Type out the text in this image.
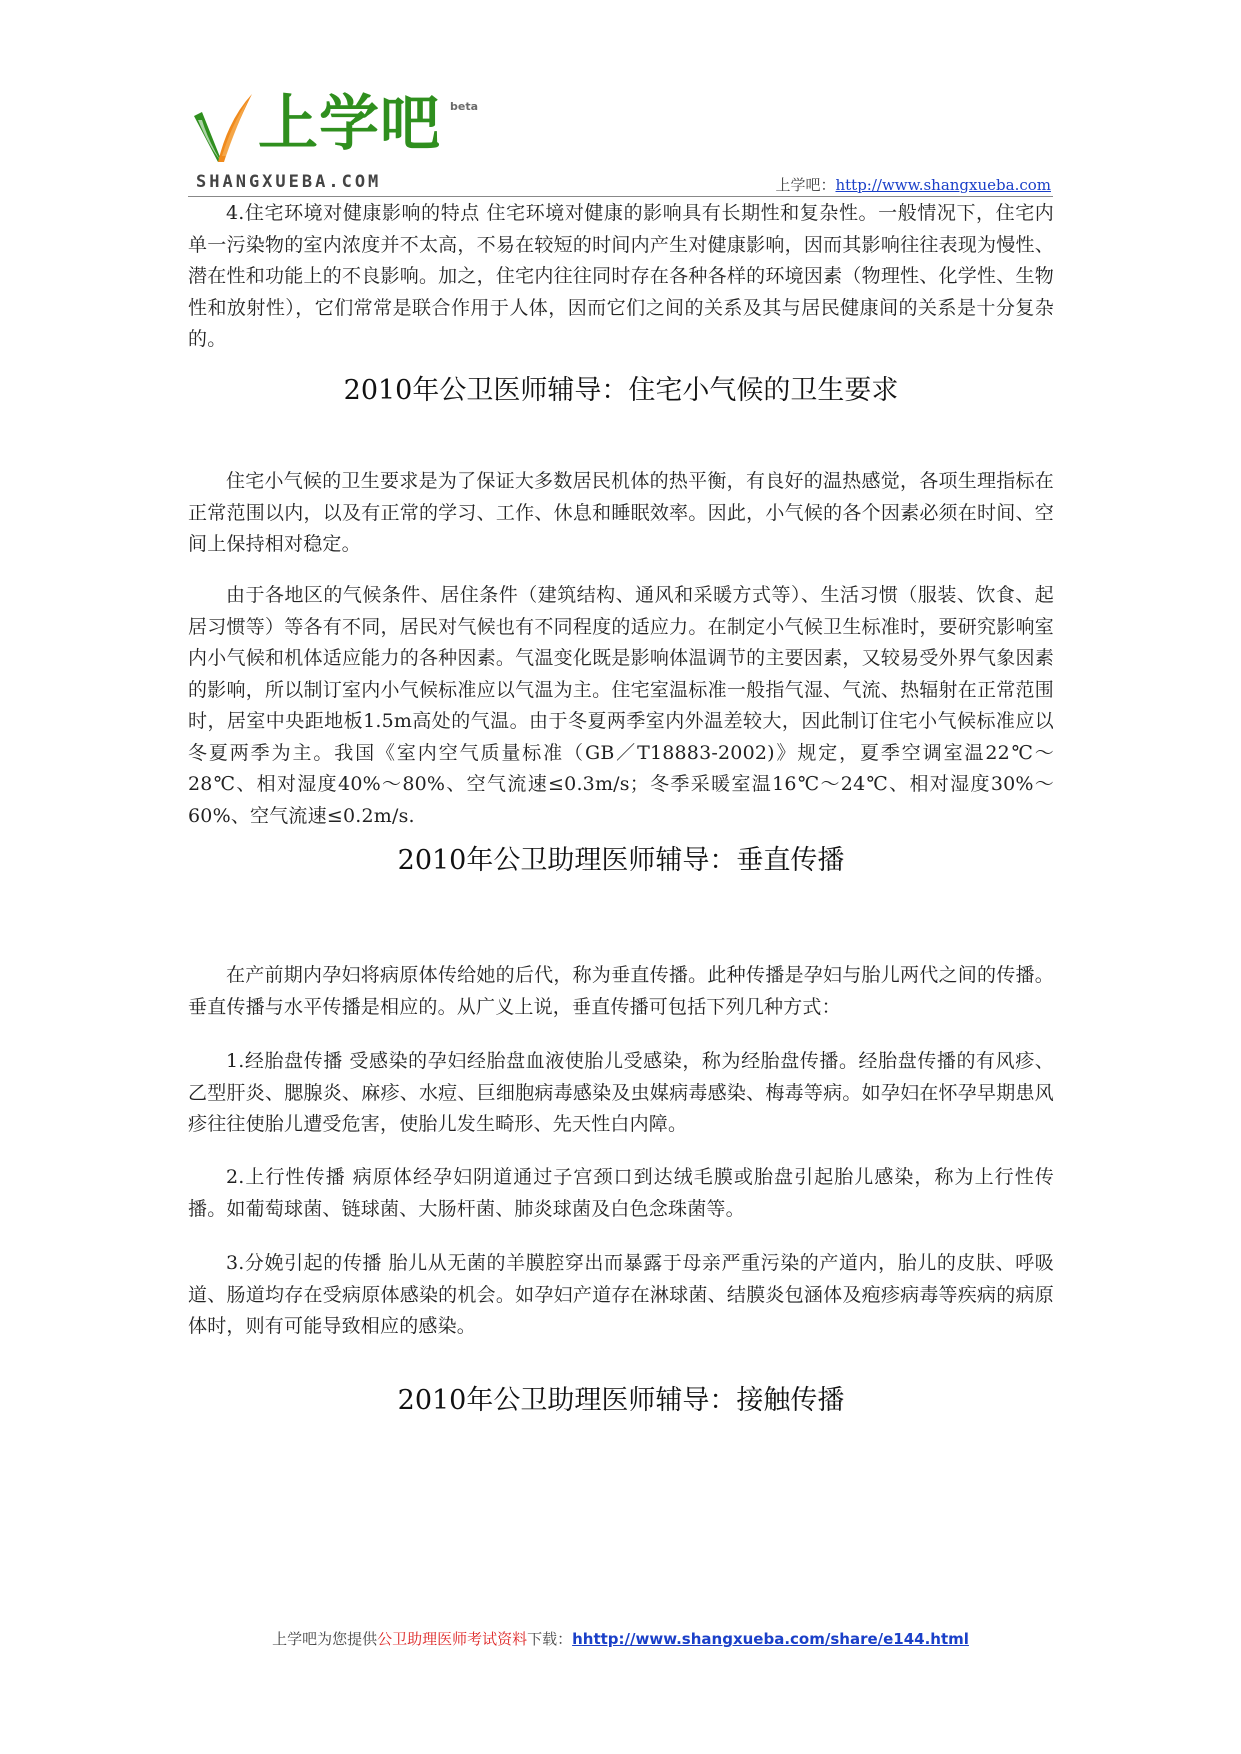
上学吧 beta
SHANGXUEBA.COM	上学吧：http://www.shangxueba.com

4.住宅环境对健康影响的特点 住宅环境对健康的影响具有长期性和复杂性。一般情况下，住宅内单一污染物的室内浓度并不太高，不易在较短的时间内产生对健康影响，因而其影响往往表现为慢性、潜在性和功能上的不良影响。加之，住宅内往往同时存在各种各样的环境因素（物理性、化学性、生物性和放射性），它们常常是联合作用于人体，因而它们之间的关系及其与居民健康间的关系是十分复杂的。

2010年公卫医师辅导：住宅小气候的卫生要求

住宅小气候的卫生要求是为了保证大多数居民机体的热平衡，有良好的温热感觉，各项生理指标在正常范围以内，以及有正常的学习、工作、休息和睡眠效率。因此，小气候的各个因素必须在时间、空间上保持相对稳定。

由于各地区的气候条件、居住条件（建筑结构、通风和采暖方式等）、生活习惯（服装、饮食、起居习惯等）等各有不同，居民对气候也有不同程度的适应力。在制定小气候卫生标准时，要研究影响室内小气候和机体适应能力的各种因素。气温变化既是影响体温调节的主要因素，又较易受外界气象因素的影响，所以制订室内小气候标准应以气温为主。住宅室温标准一般指气湿、气流、热辐射在正常范围时，居室中央距地板1.5m高处的气温。由于冬夏两季室内外温差较大，因此制订住宅小气候标准应以冬夏两季为主。我国《室内空气质量标准（GB／T18883-2002)》规定，夏季空调室温22℃～28℃、相对湿度40%～80%、空气流速≤0.3m/s；冬季采暖室温16℃～24℃、相对湿度30%～60%、空气流速≤0.2m/s.

2010年公卫助理医师辅导：垂直传播

在产前期内孕妇将病原体传给她的后代，称为垂直传播。此种传播是孕妇与胎儿两代之间的传播。垂直传播与水平传播是相应的。从广义上说，垂直传播可包括下列几种方式：

1.经胎盘传播 受感染的孕妇经胎盘血液使胎儿受感染，称为经胎盘传播。经胎盘传播的有风疹、乙型肝炎、腮腺炎、麻疹、水痘、巨细胞病毒感染及虫媒病毒感染、梅毒等病。如孕妇在怀孕早期患风疹往往使胎儿遭受危害，使胎儿发生畸形、先天性白内障。

2.上行性传播 病原体经孕妇阴道通过子宫颈口到达绒毛膜或胎盘引起胎儿感染，称为上行性传播。如葡萄球菌、链球菌、大肠杆菌、肺炎球菌及白色念珠菌等。

3.分娩引起的传播 胎儿从无菌的羊膜腔穿出而暴露于母亲严重污染的产道内，胎儿的皮肤、呼吸道、肠道均存在受病原体感染的机会。如孕妇产道存在淋球菌、结膜炎包涵体及疱疹病毒等疾病的病原体时，则有可能导致相应的感染。

2010年公卫助理医师辅导：接触传播
上学吧为您提供公卫助理医师考试资料下载：hhttp://www.shangxueba.com/share/e144.html
